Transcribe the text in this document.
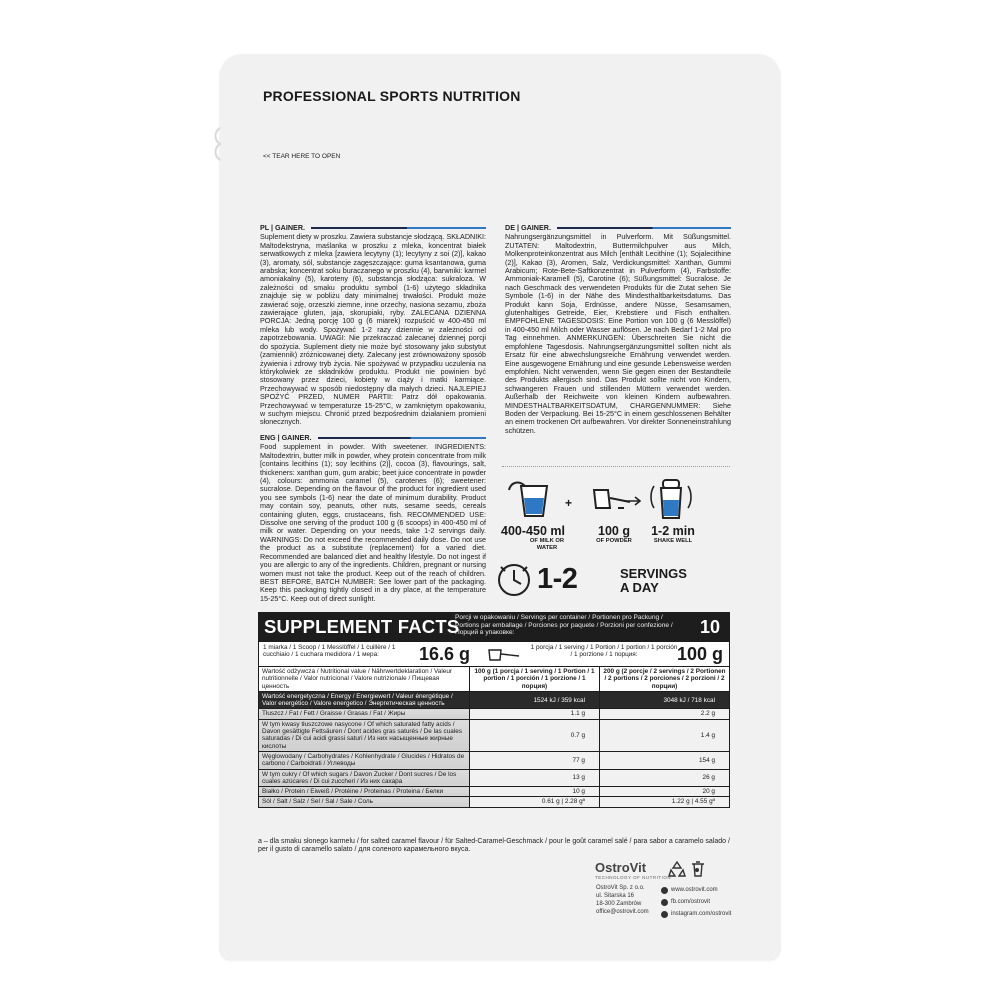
PROFESSIONAL SPORTS NUTRITION
<< TEAR HERE TO OPEN
PL | GAINER.

Suplement diety w proszku. Zawiera substancje słodzącą. SKŁADNIKI: Maltodekstryna, maślanka w proszku z mleka, koncentrat białek serwatkowych z mleka [zawiera lecytyny (1); lecytyny z soi (2)], kakao (3), aromaty, sól, substancje zagęszczające: guma ksantanowa, guma arabska; koncentrat soku buraczanego w proszku (4), barwniki: karmel amoniakalny (5), karoteny (6), substancja słodząca: sukraloza. W zależności od smaku produktu symbol (1-6) użytego składnika znajduje się w pobliżu daty minimalnej trwałości. Produkt może zawierać soję, orzeszki ziemne, inne orzechy, nasiona sezamu, zboża zawierające gluten, jaja, skorupiaki, ryby. ZALECANA DZIENNA PORCJA: Jedną porcję 100 g (6 miarek) rozpuścić w 400-450 ml mleka lub wody. Spożywać 1-2 razy dziennie w zależności od zapotrzebowania. UWAGI: Nie przekraczać zalecanej dziennej porcji do spożycia. Suplement diety nie może być stosowany jako substytut (zamiennik) zróżnicowanej diety. Zalecany jest zrównoważony sposób żywienia i zdrowy tryb życia. Nie spożywać w przypadku uczulenia na którykolwiek ze składników produktu. Produkt nie powinien być stosowany przez dzieci, kobiety w ciąży i matki karmiące. Przechowywać w sposób niedostępny dla małych dzieci. NAJLEPIEJ SPOŻYĆ PRZED, NUMER PARTII: Patrz dół opakowania. Przechowywać w temperaturze 15-25°C, w zamkniętym opakowaniu, w suchym miejscu. Chronić przed bezpośrednim działaniem promieni słonecznych.

DE | GAINER.

Nahrungsergänzungsmittel in Pulverform. Mit Süßungsmittel. ZUTATEN: Maltodextrin, Buttermilchpulver aus Milch, Molkenproteinkonzentrat aus Milch [enthält Lecithine (1); Sojalecithine (2)], Kakao (3), Aromen, Salz, Verdickungsmittel: Xanthan, Gummi Arabicum; Rote-Bete-Saftkonzentrat in Pulverform (4), Farbstoffe: Ammoniak-Karamell (5), Carotine (6); Süßungsmittel: Sucralose. Je nach Geschmack des verwendeten Produkts für die Zutat sehen Sie Symbole (1-6) in der Nähe des Mindesthaltbarkeitsdatums. Das Produkt kann Soja, Erdnüsse, andere Nüsse, Sesamsamen, glutenhaltiges Getreide, Eier, Krebstiere und Fisch enthalten. EMPFOHLENE TAGESDOSIS: Eine Portion von 100 g (6 Messlöffel) in 400-450 ml Milch oder Wasser auflösen. Je nach Bedarf 1-2 Mal pro Tag einnehmen. ANMERKUNGEN: Überschreiten Sie nicht die empfohlene Tagesdosis. Nahrungsergänzungsmittel sollten nicht als Ersatz für eine abwechslungsreiche Ernährung verwendet werden. Eine ausgewogene Ernährung und eine gesunde Lebensweise werden empfohlen. Nicht verwenden, wenn Sie gegen einen der Bestandteile des Produkts allergisch sind. Das Produkt sollte nicht von Kindern, schwangeren Frauen und stillenden Müttern verwendet werden. Außerhalb der Reichweite von kleinen Kindern aufbewahren. MINDESTHALTBARKEITSDATUM, CHARGENNUMMER: Siehe Boden der Verpackung. Bei 15-25°C in einem geschlossenen Behälter an einem trockenen Ort aufbewahren. Vor direkter Sonneneinstrahlung schützen.

ENG | GAINER.

Food supplement in powder. With sweetener. INGREDIENTS: Maltodextrin, butter milk in powder, whey protein concentrate from milk [contains lecithins (1); soy lecithins (2)], cocoa (3), flavourings, salt, thickeners: xanthan gum, gum arabic; beet juice concentrate in powder (4), colours: ammonia caramel (5), carotenes (6); sweetener: sucralose. Depending on the flavour of the product for ingredient used you see symbols (1-6) near the date of minimum durability. Product may contain soy, peanuts, other nuts, sesame seeds, cereals containing gluten, eggs, crustaceans, fish. RECOMMENDED USE: Dissolve one serving of the product 100 g (6 scoops) in 400-450 ml of milk or water. Depending on your needs, take 1-2 servings daily. WARNINGS: Do not exceed the recommended daily dose. Do not use the product as a substitute (replacement) for a varied diet. Recommended are balanced diet and healthy lifestyle. Do not ingest if you are allergic to any of the ingredients. Children, pregnant or nursing women must not take the product. Keep out of the reach of children. BEST BEFORE, BATCH NUMBER: See lower part of the packaging. Keep this packaging tightly closed in a dry place, at the temperature 15-25°C. Keep out of direct sunlight.

+
400-450 ml
OF MILK OR WATER
100 g
OF POWDER
1-2 min
SHAKE WELL
1-2	SERVINGS
A DAY
SUPPLEMENT FACTS
Porcji w opakowaniu / Servings per container / Portionen pro Packung / Portions par emballage / Porciones por paquete / Porzioni per confezione / Порций в упаковке:	10
1 miarka / 1 Scoop / 1 Messlöffel / 1 cuillère / 1 cucchiaio / 1 cuchara medidora / 1 мерa:	16.6 g	1 porcja / 1 serving / 1 Portion / 1 portion / 1 porción / 1 porzione / 1 порция:	100 g
Wartość odżywcza / Nutritional value / Nährwertdeklaration / Valeur nutritionnelle / Valor nutricional / Valore nutrizionale / Пищевая ценность	100 g (1 porcja / 1 serving / 1 Portion / 1 portion / 1 porción / 1 porzione / 1 порция)	200 g (2 porcje / 2 servings / 2 Portionen / 2 portions / 2 porciones / 2 porzioni / 2 порции)
Wartość energetyczna / Energy / Energiewert / Valeur énergétique / Valor energético / Valore energetico / Энергетическая ценность	1524 kJ / 359 kcal	3048 kJ / 718 kcal
Tłuszcz / Fat / Fett / Graisse / Grasas / Fat / Жиры	1.1 g	2.2 g
W tym kwasy tłuszczowe nasycone / Of which saturated fatty acids / Davon gesättigte Fettsäuren / Dont acides gras saturés / De las cuales saturadas / Di cui acidi grassi saturi / Из них насыщенные жирные кислоты	0.7 g	1.4 g
Węglowodany / Carbohydrates / Kohlenhydrate / Glucides / Hidratos de carbono / Carboidrati / Углеводы	77 g	154 g
W tym cukry / Of which sugars / Davon Zucker / Dont sucres / De los cuales azúcares / Di cui zuccheri / Из них сахара	13 g	26 g
Białko / Protein / Eiweiß / Protéine / Proteinas / Proteina / Белки	10 g	20 g
Sól / Salt / Salz / Sel / Sal / Sale / Соль	0.61 g | 2.28 gª	1.22 g | 4.55 gª
a – dla smaku słonego karmelu / for salted caramel flavour / für Salted-Caramel-Geschmack / pour le goût caramel salé / para sabor a caramelo salado / per il gusto di caramello salato / для соленого карамельного вкуса.
OstroVit
TECHNOLOGY OF NUTRITION
OstroVit Sp. z o.o.
ul. Sitarska 16
18-300 Zambrów
office@ostrovit.com
www.ostrovit.com
fb.com/ostrovit
instagram.com/ostrovit
